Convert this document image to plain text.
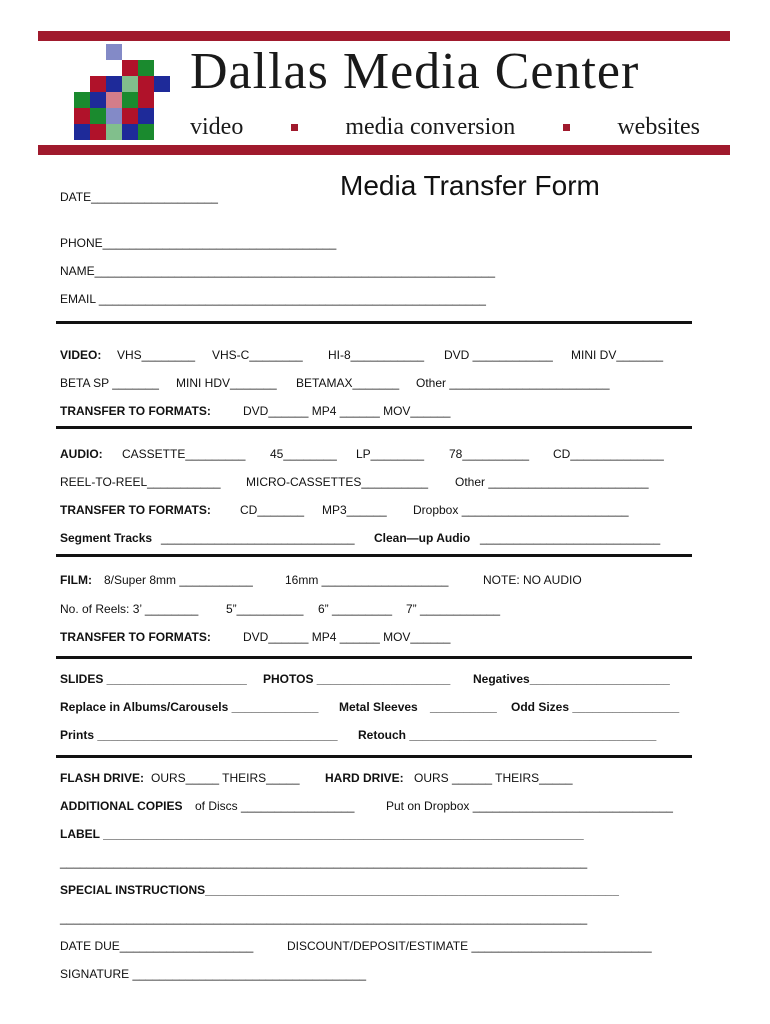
Dallas Media Center
video	media conversion	websites
Media Transfer Form
DATE___________________
PHONE___________________________________
NAME____________________________________________________________
EMAIL __________________________________________________________
VIDEO: VHS________ VHS-C________ HI-8___________ DVD ____________ MINI DV_______
BETA SP _______ MINI HDV_______ BETAMAX_______ Other ________________________
TRANSFER TO FORMATS:	DVD______ MP4 ______ MOV______
AUDIO: CASSETTE_________ 45________ LP________ 78__________ CD______________
REEL-TO-REEL___________ MICRO-CASSETTES__________ Other ________________________
TRANSFER TO FORMATS: CD_______ MP3______ Dropbox _________________________
Segment Tracks _____________________________ Clean—up Audio ___________________________
FILM: 8/Super 8mm ___________	16mm ___________________	NOTE: NO AUDIO
No. of Reels: 3’ ________ 5”__________ 6” _________ 7” ____________
TRANSFER TO FORMATS:	DVD______ MP4 ______ MOV______
SLIDES _____________________ PHOTOS ____________________ Negatives_____________________
Replace in Albums/Carousels _____________ Metal Sleeves __________ Odd Sizes ________________
Prints ____________________________________ Retouch _____________________________________
FLASH DRIVE: OURS_____ THEIRS_____ HARD DRIVE: OURS ______ THEIRS_____
ADDITIONAL COPIES of Discs _________________	Put on Dropbox ______________________________
LABEL ________________________________________________________________________
_______________________________________________________________________________
SPECIAL INSTRUCTIONS______________________________________________________________
_______________________________________________________________________________
DATE DUE____________________	DISCOUNT/DEPOSIT/ESTIMATE ___________________________
SIGNATURE ___________________________________
